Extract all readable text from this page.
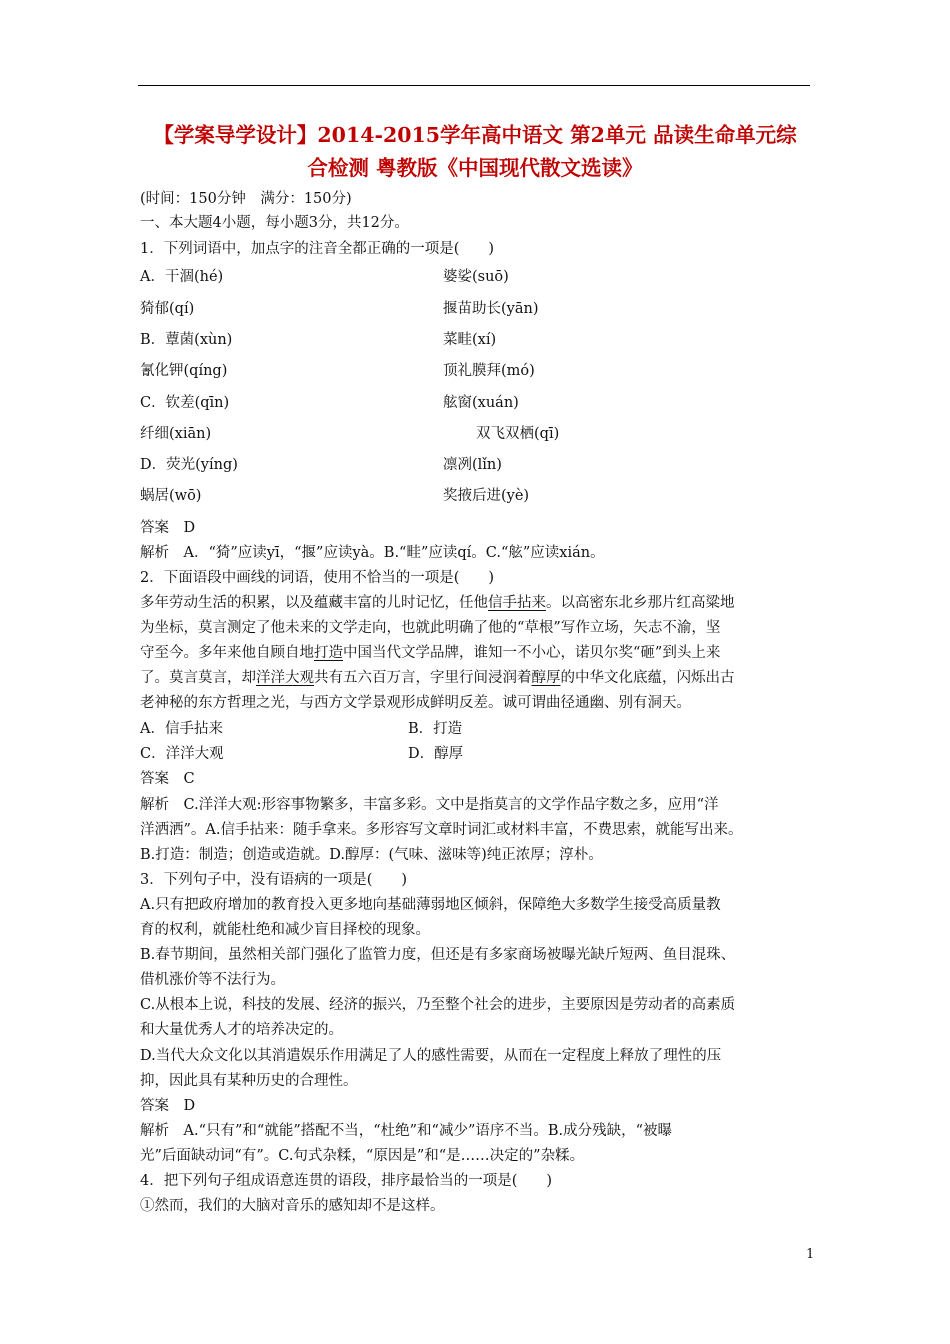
【学案导学设计】2014-2015学年高中语文 第2单元 品读生命单元综
合检测 粤教版《中国现代散文选读》
(时间：150分钟　满分：150分)
一、本大题4小题，每小题3分，共12分。
1．下列词语中，加点字的注音全都正确的一项是(　　)
A．干涸(hé)	婆娑(suō)
猗郁(qí)	揠苗助长(yān)
B．蕈菌(xùn)	菜畦(xí)
氰化钾(qíng)	顶礼膜拜(mó)
C．钦差(qīn)	舷窗(xuán)
纤细(xiān)	双飞双栖(qī)
D．荧光(yíng)	凛冽(lǐn)
蜗居(wō)	奖掖后进(yè)
答案　D
解析　A．“猗”应读yī，“揠”应读yà。B.“畦”应读qí。C.“舷”应读xián。
2．下面语段中画线的词语，使用不恰当的一项是(　　)
多年劳动生活的积累，以及蕴藏丰富的儿时记忆，任他信手拈来。以高密东北乡那片红高粱地
为坐标，莫言测定了他未来的文学走向，也就此明确了他的“草根”写作立场，矢志不渝，坚
守至今。多年来他自顾自地打造中国当代文学品牌，谁知一不小心，诺贝尔奖“砸”到头上来
了。莫言莫言，却洋洋大观共有五六百万言，字里行间浸润着醇厚的中华文化底蕴，闪烁出古
老神秘的东方哲理之光，与西方文学景观形成鲜明反差。诚可谓曲径通幽、别有洞天。
A．信手拈来	B．打造
C．洋洋大观	D．醇厚
答案　C
解析　C.洋洋大观:形容事物繁多，丰富多彩。文中是指莫言的文学作品字数之多，应用“洋
洋洒洒”。A.信手拈来：随手拿来。多形容写文章时词汇或材料丰富，不费思索，就能写出来。
B.打造：制造；创造或造就。D.醇厚：(气味、滋味等)纯正浓厚；淳朴。
3．下列句子中，没有语病的一项是(　　)
A.只有把政府增加的教育投入更多地向基础薄弱地区倾斜，保障绝大多数学生接受高质量教
育的权利，就能杜绝和减少盲目择校的现象。
B.春节期间，虽然相关部门强化了监管力度，但还是有多家商场被曝光缺斤短两、鱼目混珠、
借机涨价等不法行为。
C.从根本上说，科技的发展、经济的振兴，乃至整个社会的进步，主要原因是劳动者的高素质
和大量优秀人才的培养决定的。
D.当代大众文化以其消遣娱乐作用满足了人的感性需要，从而在一定程度上释放了理性的压
抑，因此具有某种历史的合理性。
答案　D
解析　A.“只有”和“就能”搭配不当，“杜绝”和“减少”语序不当。B.成分残缺，“被曝
光”后面缺动词“有”。C.句式杂糅，“原因是”和“是……决定的”杂糅。
4．把下列句子组成语意连贯的语段，排序最恰当的一项是(　　)
①然而，我们的大脑对音乐的感知却不是这样。
1
